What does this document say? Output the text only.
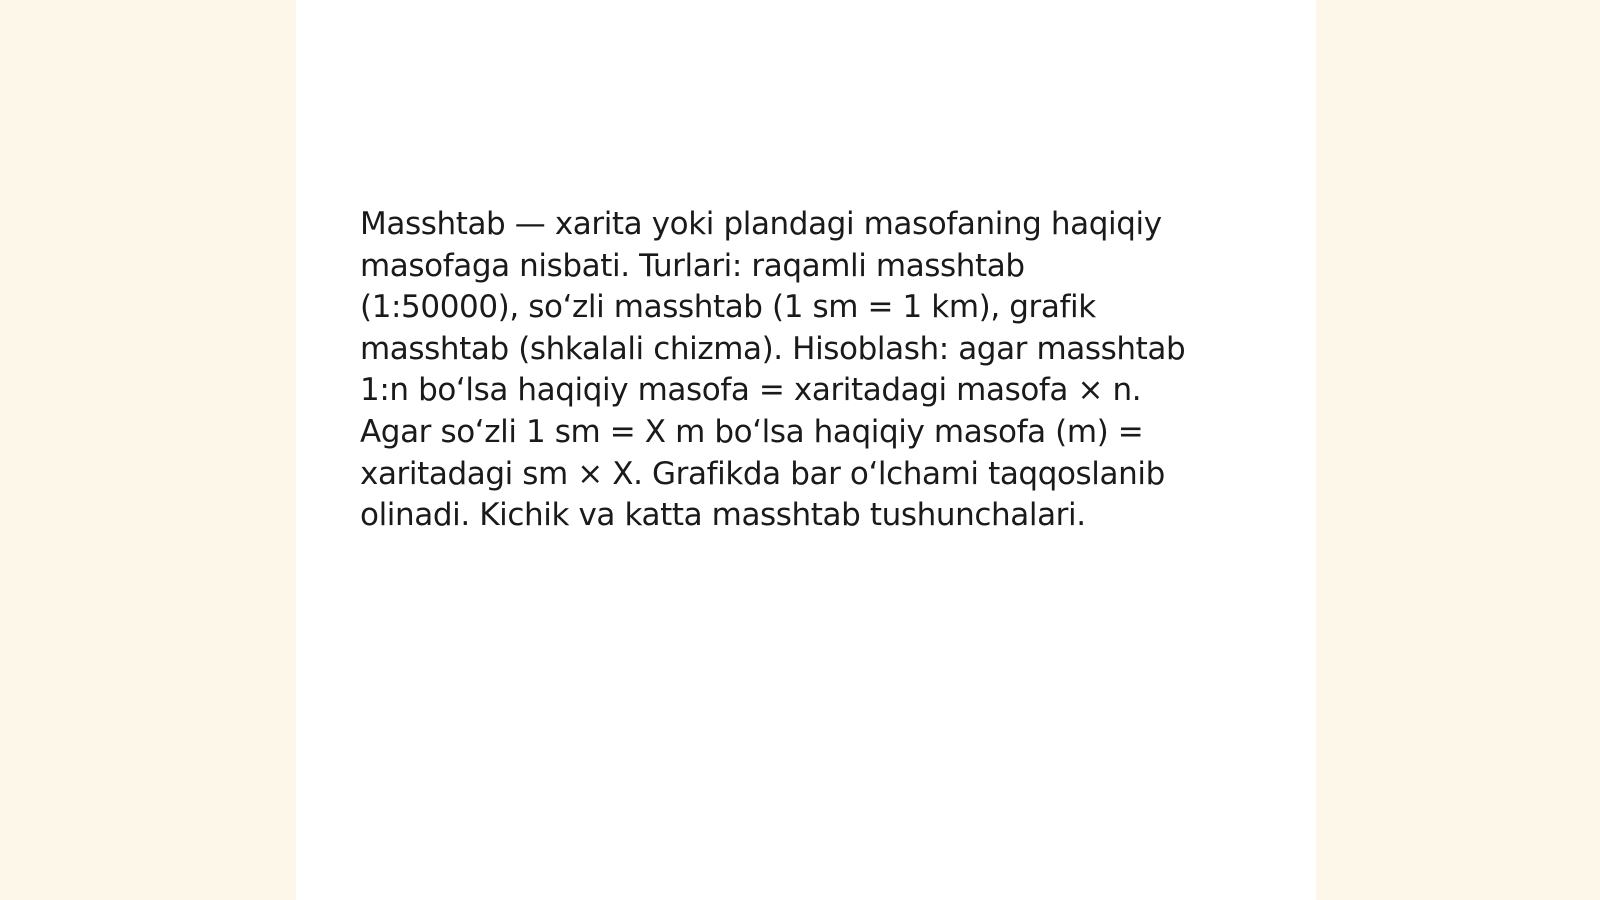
Masshtab — xarita yoki plandagi masofaning haqiqiy
masofaga nisbati. Turlari: raqamli masshtab
(1:50000), so‘zli masshtab (1 sm = 1 km), grafik
masshtab (shkalali chizma). Hisoblash: agar masshtab
1:n bo‘lsa haqiqiy masofa = xaritadagi masofa × n.
Agar so‘zli 1 sm = X m bo‘lsa haqiqiy masofa (m) =
xaritadagi sm × X. Grafikda bar o‘lchami taqqoslanib
olinadi. Kichik va katta masshtab tushunchalari.
